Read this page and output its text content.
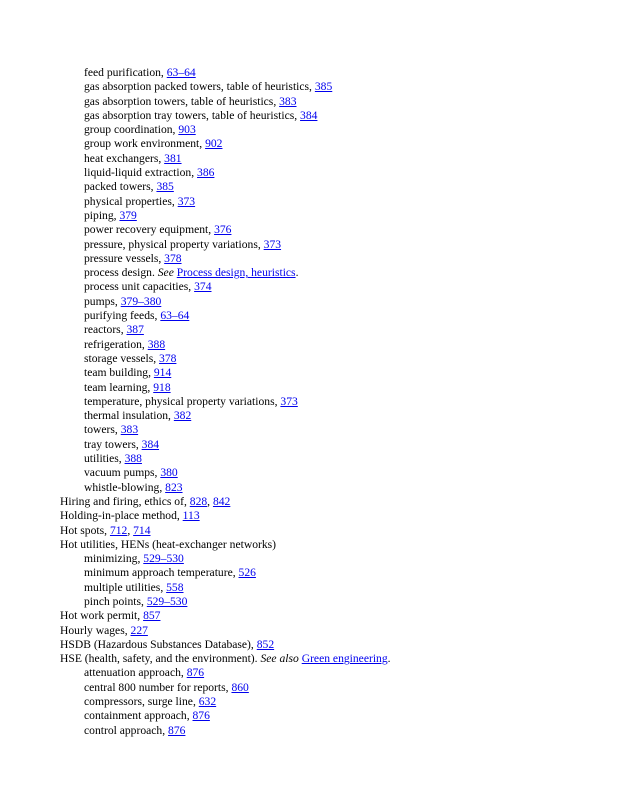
feed purification, 63–64
gas absorption packed towers, table of heuristics, 385
gas absorption towers, table of heuristics, 383
gas absorption tray towers, table of heuristics, 384
group coordination, 903
group work environment, 902
heat exchangers, 381
liquid-liquid extraction, 386
packed towers, 385
physical properties, 373
piping, 379
power recovery equipment, 376
pressure, physical property variations, 373
pressure vessels, 378
process design. See Process design, heuristics.
process unit capacities, 374
pumps, 379–380
purifying feeds, 63–64
reactors, 387
refrigeration, 388
storage vessels, 378
team building, 914
team learning, 918
temperature, physical property variations, 373
thermal insulation, 382
towers, 383
tray towers, 384
utilities, 388
vacuum pumps, 380
whistle-blowing, 823
Hiring and firing, ethics of, 828, 842
Holding-in-place method, 113
Hot spots, 712, 714
Hot utilities, HENs (heat-exchanger networks)
minimizing, 529–530
minimum approach temperature, 526
multiple utilities, 558
pinch points, 529–530
Hot work permit, 857
Hourly wages, 227
HSDB (Hazardous Substances Database), 852
HSE (health, safety, and the environment). See also Green engineering.
attenuation approach, 876
central 800 number for reports, 860
compressors, surge line, 632
containment approach, 876
control approach, 876
